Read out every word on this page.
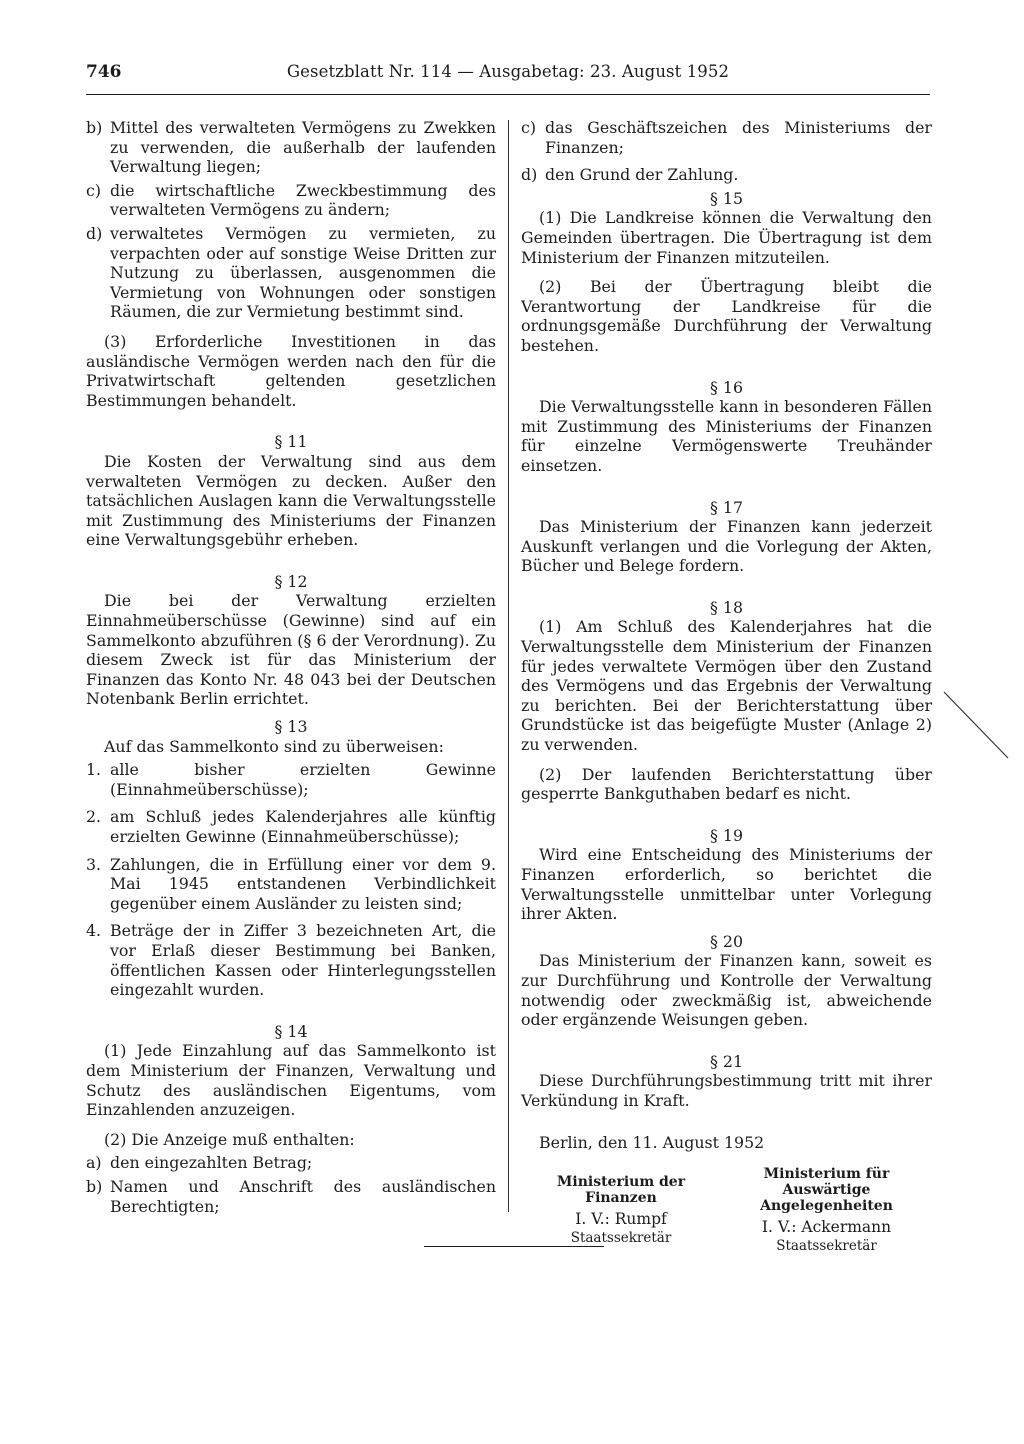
746	Gesetzblatt Nr. 114 — Ausgabetag: 23. August 1952
b) Mittel des verwalteten Vermögens zu Zwekken zu verwenden, die außerhalb der laufenden Verwaltung liegen;
c) die wirtschaftliche Zweckbestimmung des verwalteten Vermögens zu ändern;
d) verwaltetes Vermögen zu vermieten, zu verpachten oder auf sonstige Weise Dritten zur Nutzung zu überlassen, ausgenommen die Vermietung von Wohnungen oder sonstigen Räumen, die zur Vermietung bestimmt sind.

(3) Erforderliche Investitionen in das ausländische Vermögen werden nach den für die Privatwirtschaft geltenden gesetzlichen Bestimmungen behandelt.

§ 11

Die Kosten der Verwaltung sind aus dem verwalteten Vermögen zu decken. Außer den tatsächlichen Auslagen kann die Verwaltungsstelle mit Zustimmung des Ministeriums der Finanzen eine Verwaltungsgebühr erheben.

§ 12

Die bei der Verwaltung erzielten Einnahmeüberschüsse (Gewinne) sind auf ein Sammelkonto abzuführen (§ 6 der Verordnung). Zu diesem Zweck ist für das Ministerium der Finanzen das Konto Nr. 48 043 bei der Deutschen Notenbank Berlin errichtet.

§ 13

Auf das Sammelkonto sind zu überweisen:

1. alle bisher erzielten Gewinne (Einnahmeüberschüsse);
2. am Schluß jedes Kalenderjahres alle künftig erzielten Gewinne (Einnahmeüberschüsse);
3. Zahlungen, die in Erfüllung einer vor dem 9. Mai 1945 entstandenen Verbindlichkeit gegenüber einem Ausländer zu leisten sind;
4. Beträge der in Ziffer 3 bezeichneten Art, die vor Erlaß dieser Bestimmung bei Banken, öffentlichen Kassen oder Hinterlegungsstellen eingezahlt wurden.

§ 14

(1) Jede Einzahlung auf das Sammelkonto ist dem Ministerium der Finanzen, Verwaltung und Schutz des ausländischen Eigentums, vom Einzahlenden anzuzeigen.

(2) Die Anzeige muß enthalten:

a) den eingezahlten Betrag;
b) Namen und Anschrift des ausländischen Berechtigten;
c) das Geschäftszeichen des Ministeriums der Finanzen;
d) den Grund der Zahlung.

§ 15

(1) Die Landkreise können die Verwaltung den Gemeinden übertragen. Die Übertragung ist dem Ministerium der Finanzen mitzuteilen.

(2) Bei der Übertragung bleibt die Verantwortung der Landkreise für die ordnungsgemäße Durchführung der Verwaltung bestehen.

§ 16

Die Verwaltungsstelle kann in besonderen Fällen mit Zustimmung des Ministeriums der Finanzen für einzelne Vermögenswerte Treuhänder einsetzen.

§ 17

Das Ministerium der Finanzen kann jederzeit Auskunft verlangen und die Vorlegung der Akten, Bücher und Belege fordern.

§ 18

(1) Am Schluß des Kalenderjahres hat die Verwaltungsstelle dem Ministerium der Finanzen für jedes verwaltete Vermögen über den Zustand des Vermögens und das Ergebnis der Verwaltung zu berichten. Bei der Berichterstattung über Grundstücke ist das beigefügte Muster (Anlage 2) zu verwenden.

(2) Der laufenden Berichterstattung über gesperrte Bankguthaben bedarf es nicht.

§ 19

Wird eine Entscheidung des Ministeriums der Finanzen erforderlich, so berichtet die Verwaltungsstelle unmittelbar unter Vorlegung ihrer Akten.

§ 20

Das Ministerium der Finanzen kann, soweit es zur Durchführung und Kontrolle der Verwaltung notwendig oder zweckmäßig ist, abweichende oder ergänzende Weisungen geben.

§ 21

Diese Durchführungsbestimmung tritt mit ihrer Verkündung in Kraft.

Berlin, den 11. August 1952

Ministerium der Finanzen
I. V.: Rumpf
Staatssekretär
Ministerium für Auswärtige Angelegenheiten
I. V.: Ackermann
Staatssekretär
